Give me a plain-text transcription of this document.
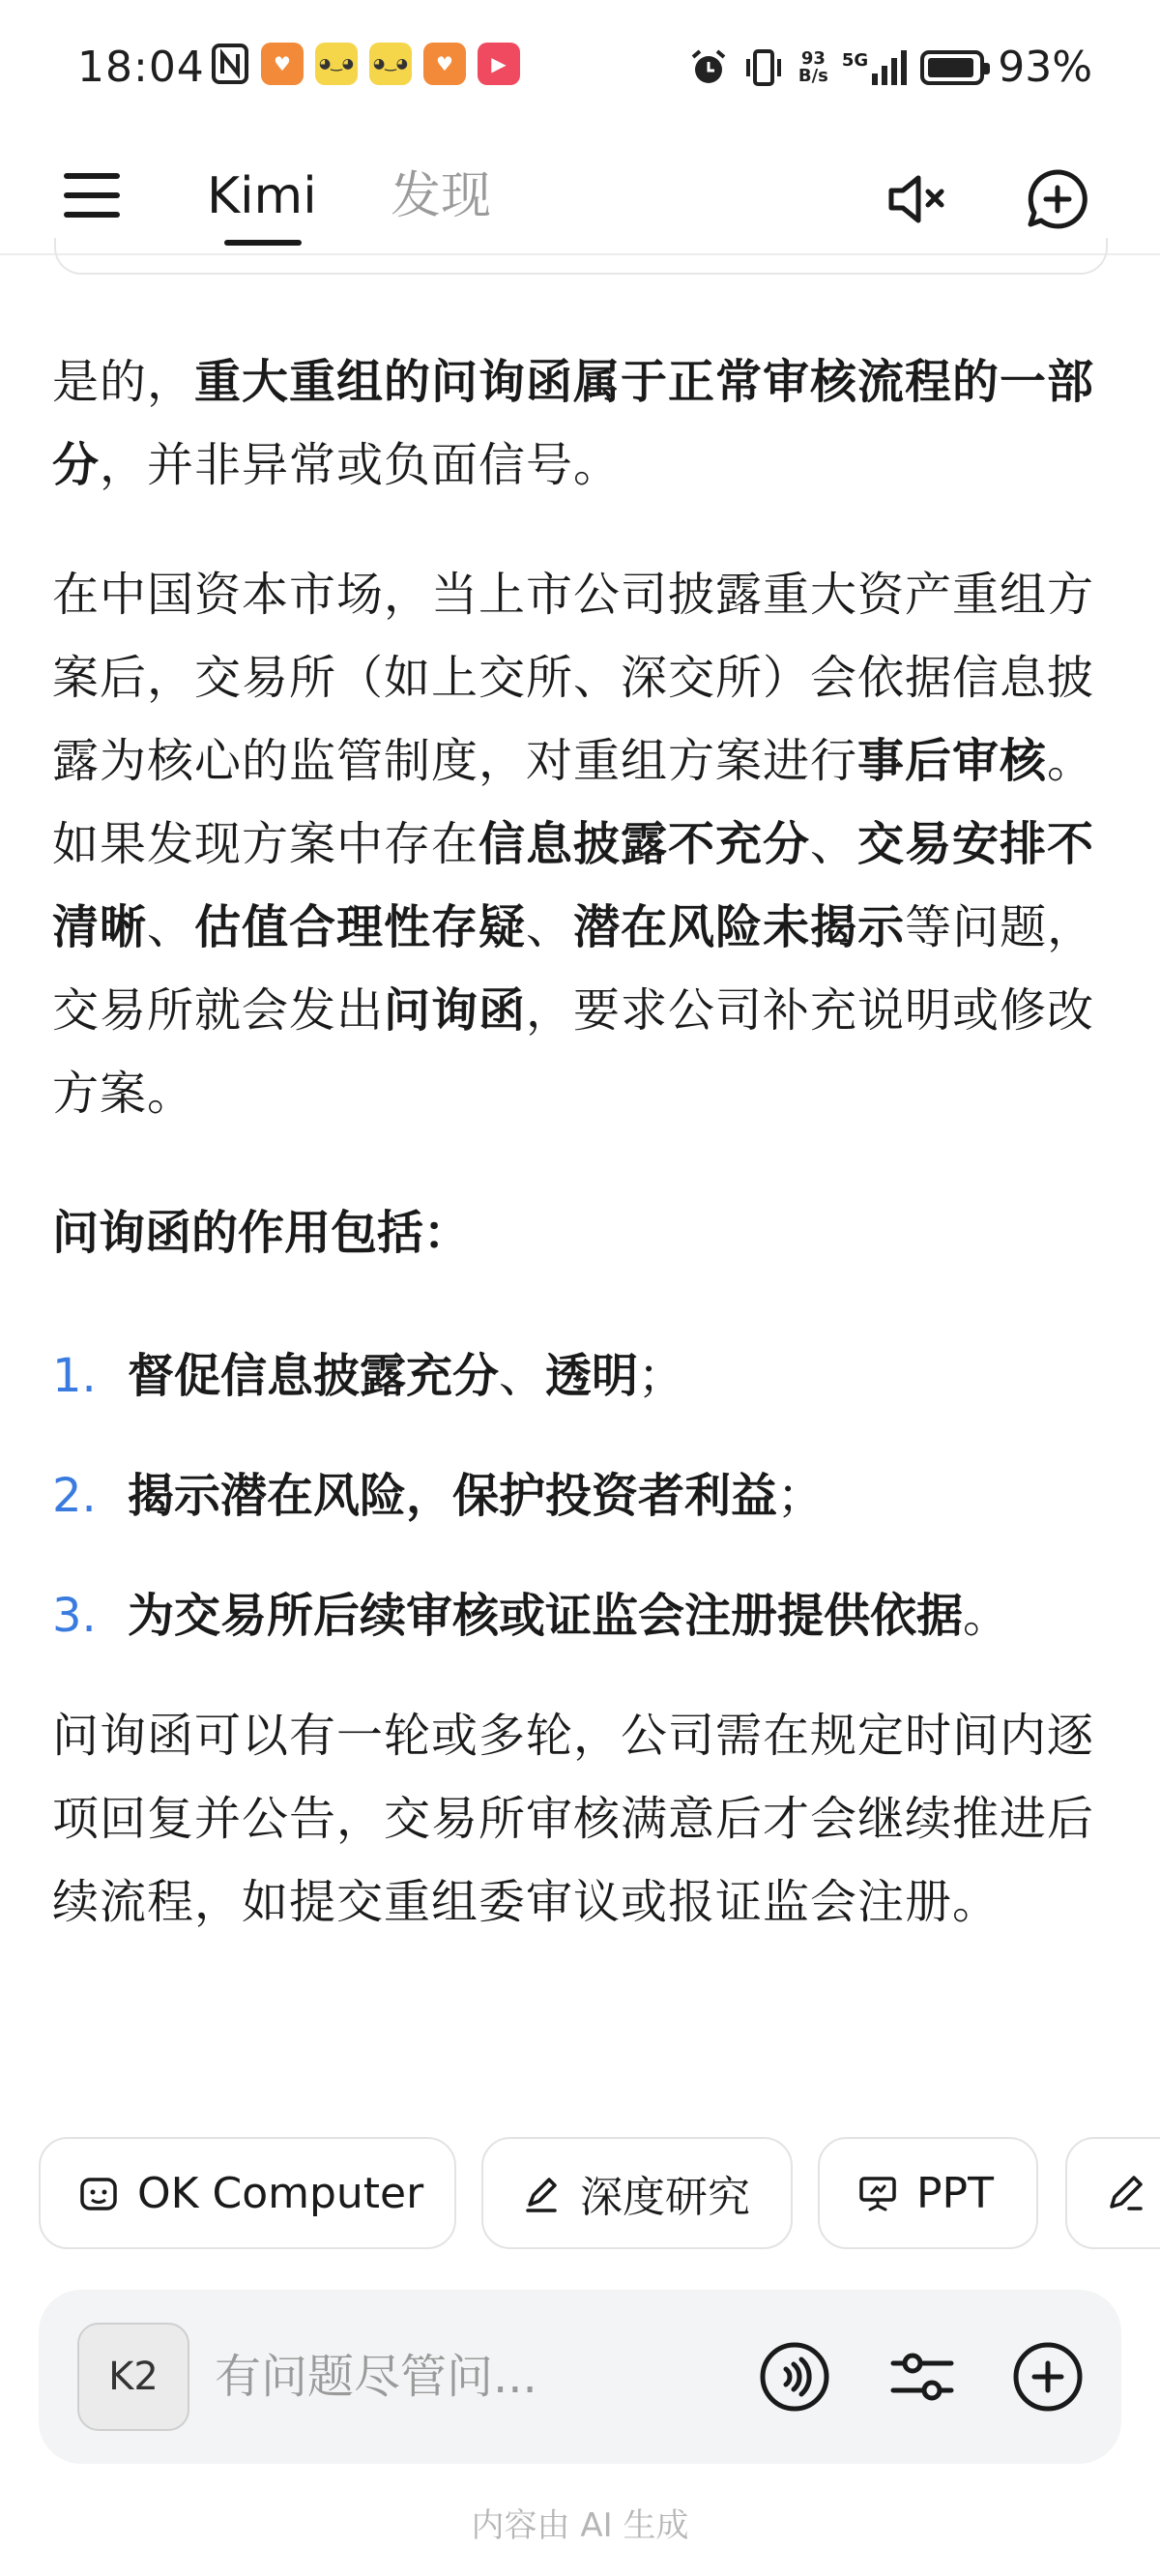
18:04	♥	◕‿◕ ◕‿◕	♥	▶	93
B/s
5G	93%
Kimi 发现

是的，重大重组的问询函属于正常审核流程的一部分，并非异常或负面信号。

在中国资本市场，当上市公司披露重大资产重组方案后，交易所（如上交所、深交所）会依据信息披露为核心的监管制度，对重组方案进行事后审核。如果发现方案中存在信息披露不充分、交易安排不清晰、估值合理性存疑、潜在风险未揭示等问题，交易所就会发出问询函，要求公司补充说明或修改方案。

问询函的作用包括：
1. 督促信息披露充分、透明；
2. 揭示潜在风险，保护投资者利益；
3. 为交易所后续审核或证监会注册提供依据。

问询函可以有一轮或多轮，公司需在规定时间内逐项回复并公告，交易所审核满意后才会继续推进后续流程，如提交重组委审议或报证监会注册。

OK Computer	深度研究	PPT
K2
有问题尽管问...
内容由 AI 生成
